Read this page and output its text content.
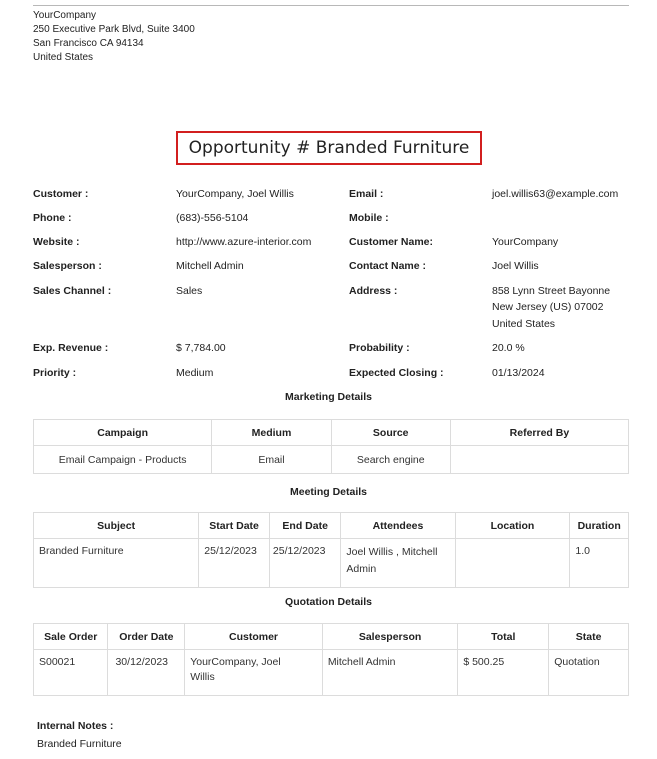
YourCompany
250 Executive Park Blvd, Suite 3400
San Francisco CA 94134
United States
Opportunity # Branded Furniture
Customer :	YourCompany, Joel Willis	Email :	joel.willis63@example.com
Phone :	(683)-556-5104	Mobile :
Website :	http://www.azure-interior.com	Customer Name:	YourCompany
Salesperson :	Mitchell Admin	Contact Name :	Joel Willis
Sales Channel :	Sales	Address :	858 Lynn Street Bayonne
New Jersey (US) 07002
United States
Exp. Revenue :	$ 7,784.00	Probability :	20.0 %
Priority :	Medium	Expected Closing :	01/13/2024
Marketing Details
Campaign	Medium	Source	Referred By
Email Campaign - Products	Email	Search engine	
Meeting Details
Subject	Start Date	End Date	Attendees	Location	Duration
Branded Furniture	25/12/2023	25/12/2023	Joel Willis , Mitchell Admin		1.0
Quotation Details
Sale Order	Order Date	Customer	Salesperson	Total	State
S00021	30/12/2023	YourCompany, Joel Willis	Mitchell Admin	$ 500.25	Quotation
Internal Notes :
Branded Furniture
